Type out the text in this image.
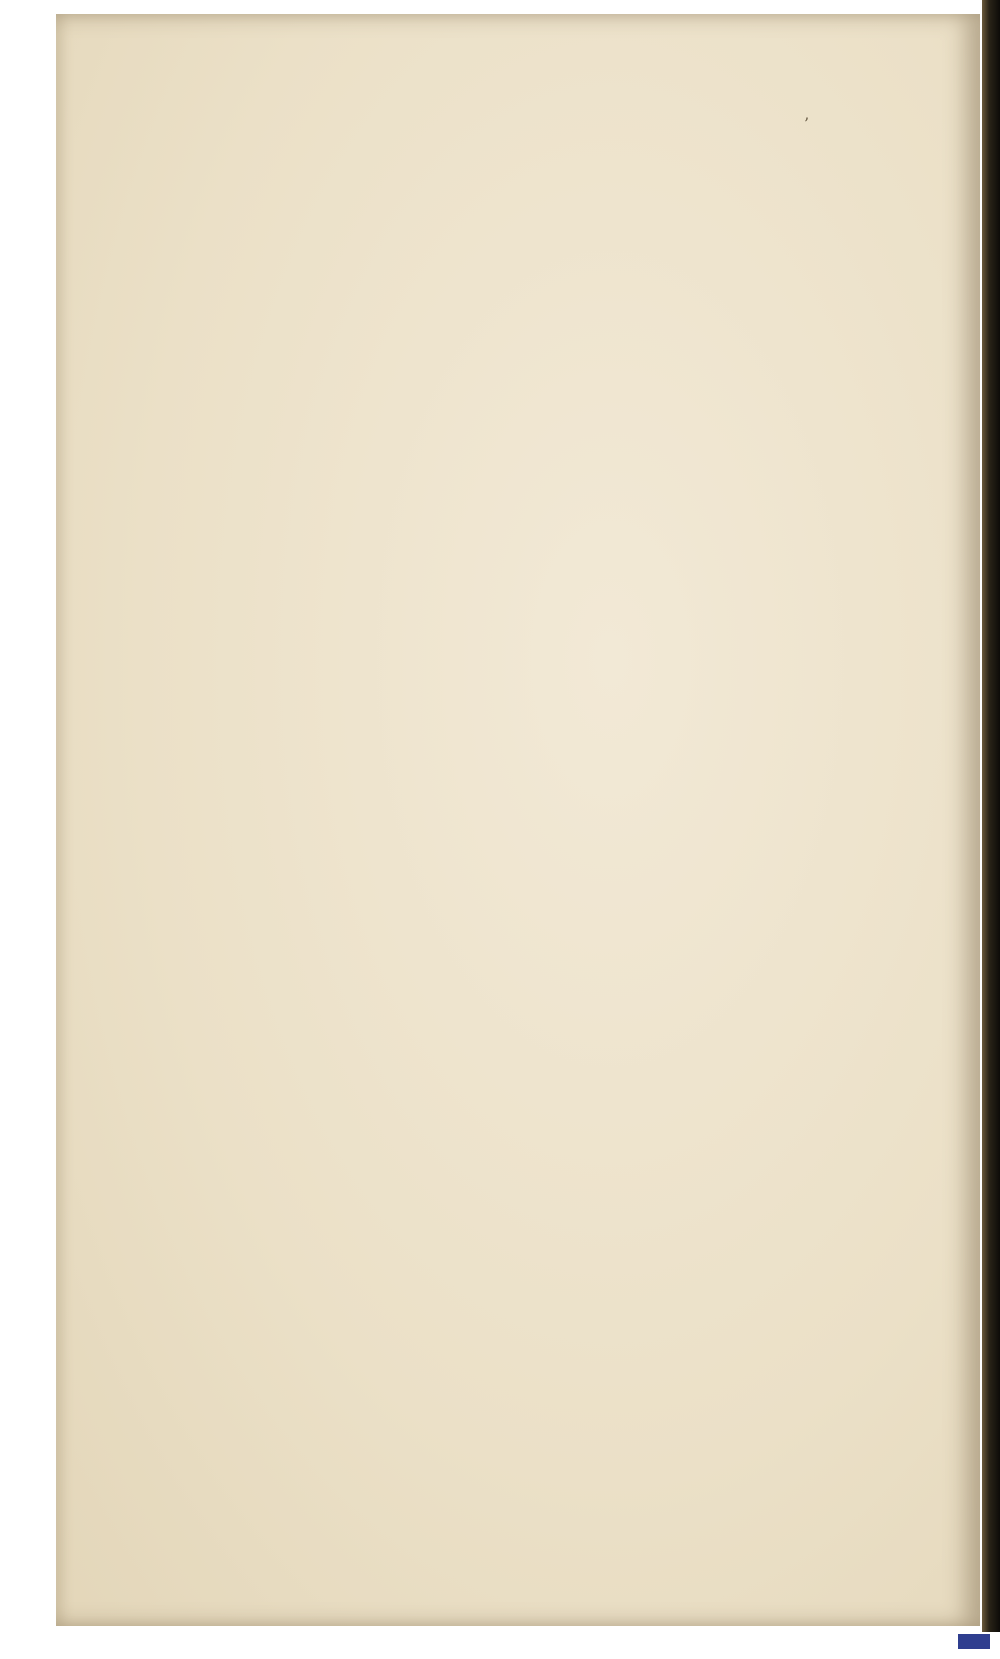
’
